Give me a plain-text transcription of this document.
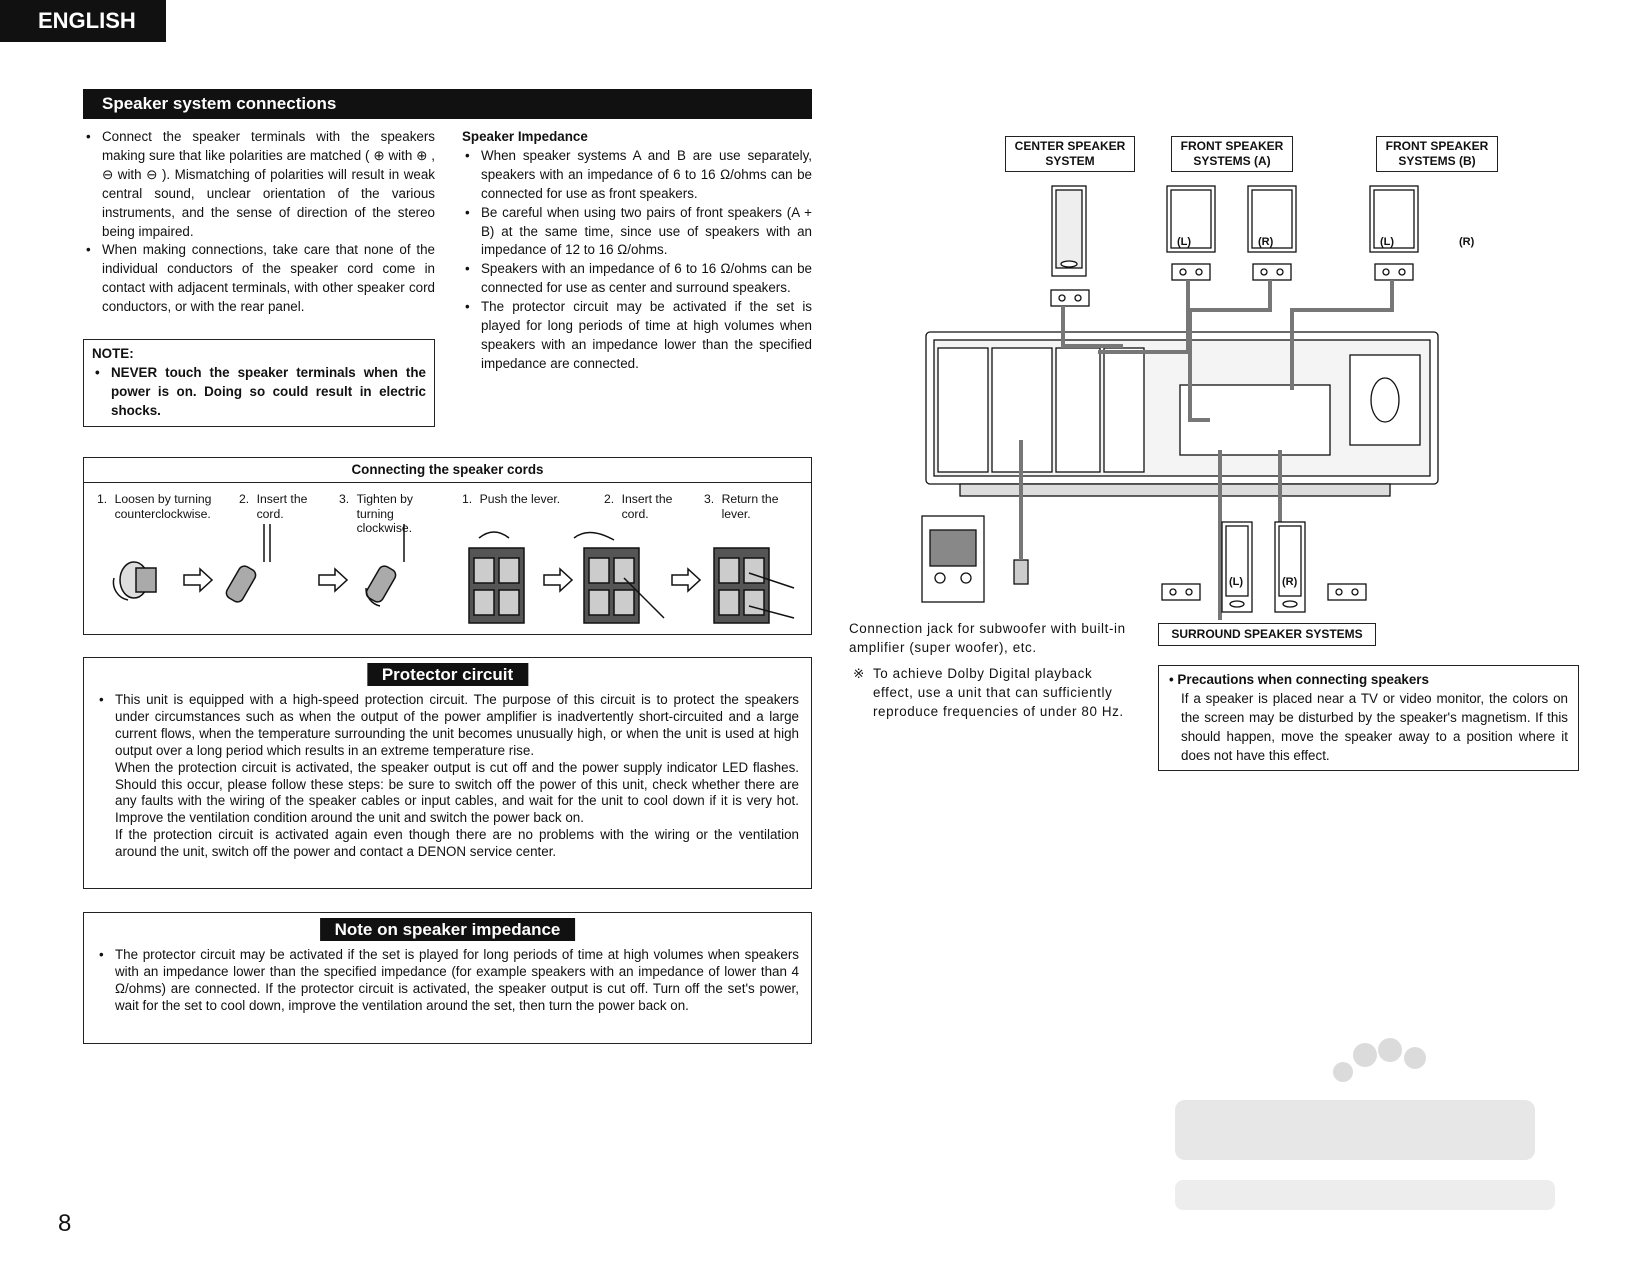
ENGLISH
Speaker system connections
• Connect the speaker terminals with the speakers making sure that like polarities are matched ( ⊕ with ⊕ , ⊖ with ⊖ ). Mismatching of polarities will result in weak central sound, unclear orientation of the various instruments, and the sense of direction of the stereo being impaired.
• When making connections, take care that none of the individual conductors of the speaker cord come in contact with adjacent terminals, with other speaker cord conductors, or with the rear panel.
NOTE:
• NEVER touch the speaker terminals when the power is on. Doing so could result in electric shocks.
Speaker Impedance
• When speaker systems A and B are use separately, speakers with an impedance of 6 to 16 Ω/ohms can be connected for use as front speakers.
• Be careful when using two pairs of front speakers (A + B) at the same time, since use of speakers with an impedance of 12 to 16 Ω/ohms.
• Speakers with an impedance of 6 to 16 Ω/ohms can be connected for use as center and surround speakers.
• The protector circuit may be activated if the set is played for long periods of time at high volumes when speakers with an impedance lower than the specified impedance are connected.
Connecting the speaker cords
1. Loosen by turning counterclockwise.
2. Insert the cord.
3. Tighten by turning clockwise.
1. Push the lever.	2. Insert the cord.
3. Return the lever.
Protector circuit
• This unit is equipped with a high-speed protection circuit. The purpose of this circuit is to protect the speakers under circumstances such as when the output of the power amplifier is inadvertently short-circuited and a large current flows, when the temperature surrounding the unit becomes unusually high, or when the unit is used at high output over a long period which results in an extreme temperature rise.
When the protection circuit is activated, the speaker output is cut off and the power supply indicator LED flashes. Should this occur, please follow these steps: be sure to switch off the power of this unit, check whether there are any faults with the wiring of the speaker cables or input cables, and wait for the unit to cool down if it is very hot. Improve the ventilation condition around the unit and switch the power back on.
If the protection circuit is activated again even though there are no problems with the wiring or the ventilation around the unit, switch off the power and contact a DENON service center.
Note on speaker impedance
• The protector circuit may be activated if the set is played for long periods of time at high volumes when speakers with an impedance lower than the specified impedance (for example speakers with an impedance of lower than 4 Ω/ohms) are connected. If the protector circuit is activated, the speaker output is cut off. Turn off the set's power, wait for the set to cool down, improve the ventilation around the set, then turn the power back on.
CENTER SPEAKER SYSTEM
FRONT SPEAKER SYSTEMS (A)
FRONT SPEAKER SYSTEMS (B)
SURROUND SPEAKER SYSTEMS
(L)	(R)	(L)	(R)
(L)	(R)
Connection jack for subwoofer with built-in amplifier (super woofer), etc.
※ To achieve Dolby Digital playback effect, use a unit that can sufficiently reproduce frequencies of under 80 Hz.
• Precautions when connecting speakers
If a speaker is placed near a TV or video monitor, the colors on the screen may be disturbed by the speaker's magnetism. If this should happen, move the speaker away to a position where it does not have this effect.
8
